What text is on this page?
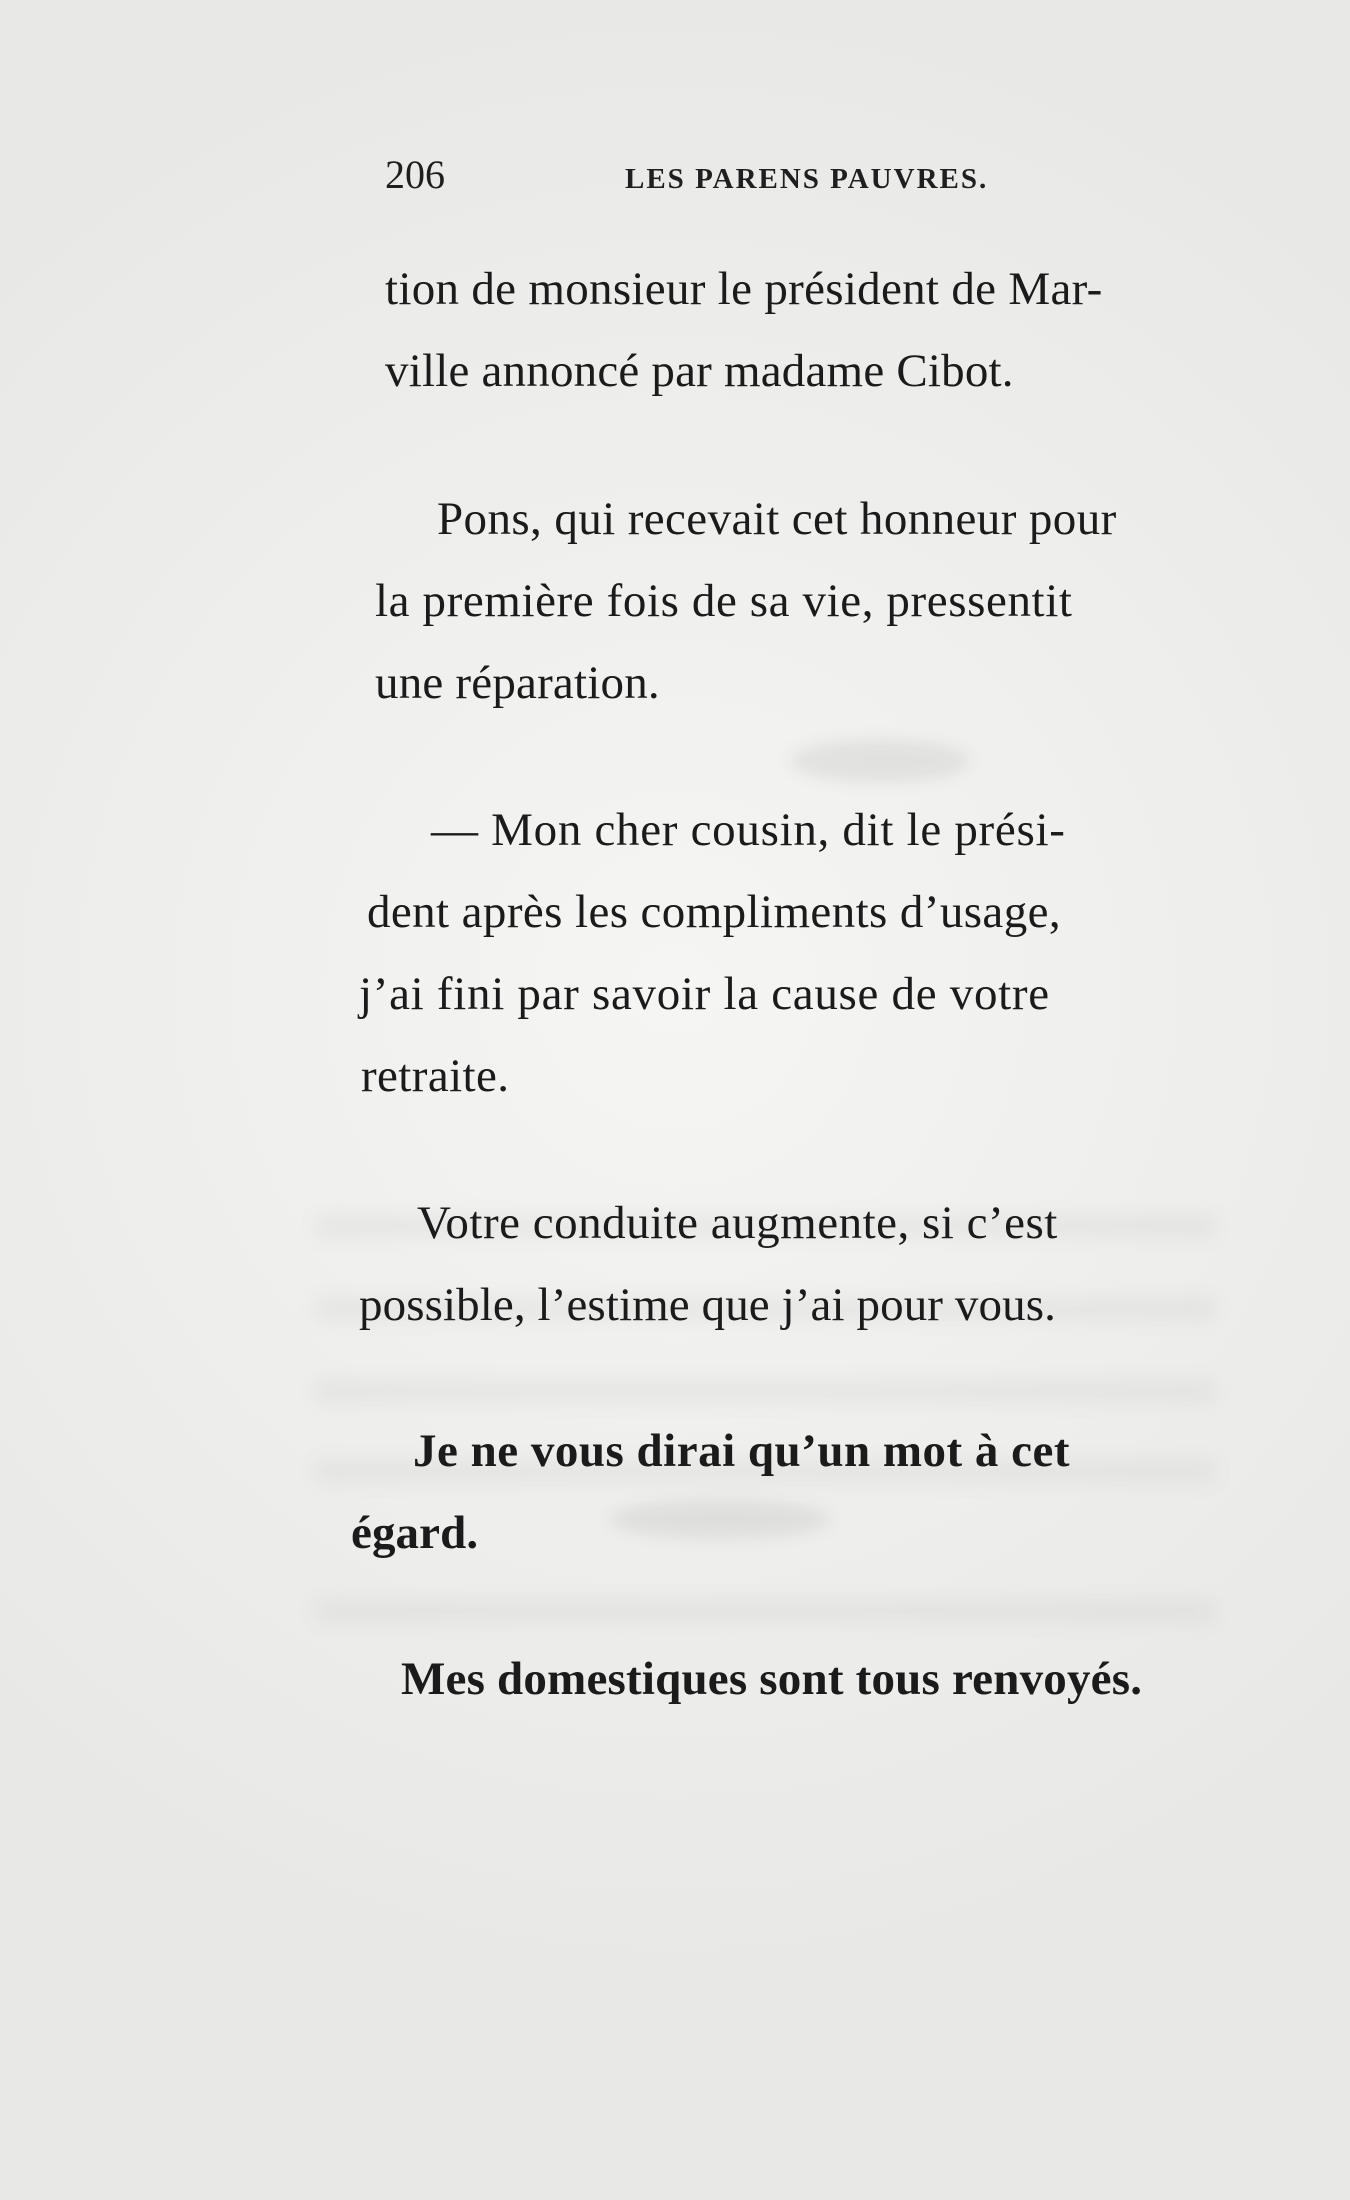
206	LES PARENS PAUVRES.
tion de monsieur le président de Mar-
ville annoncé par madame Cibot.
Pons, qui recevait cet honneur pour
la première fois de sa vie, pressentit
une réparation.
— Mon cher cousin, dit le prési-
dent après les compliments d’usage,
j’ai fini par savoir la cause de votre
retraite.
Votre conduite augmente, si c’est
possible, l’estime que j’ai pour vous.
Je ne vous dirai qu’un mot à cet
égard.
Mes domestiques sont tous renvoyés.
